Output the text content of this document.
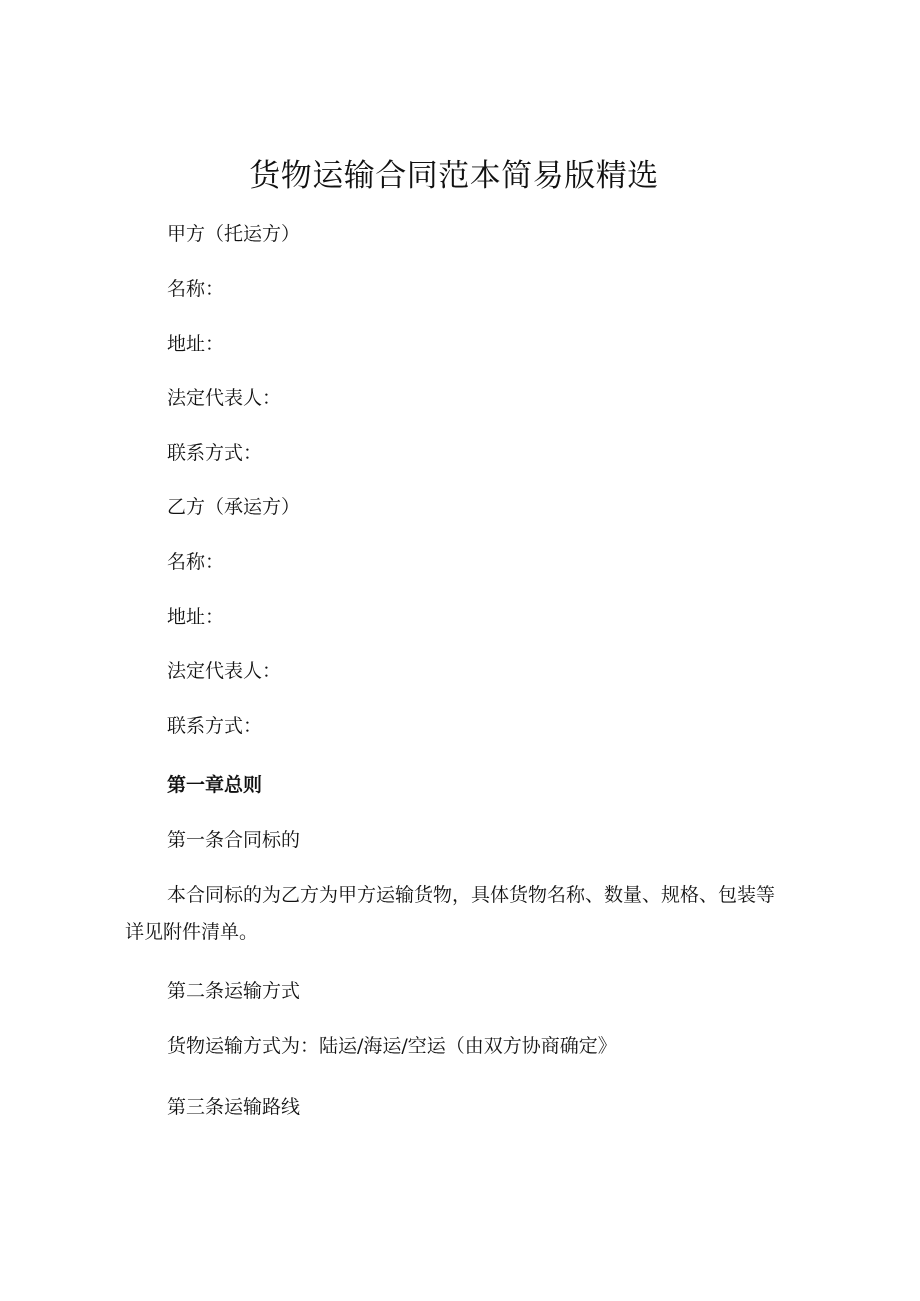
货物运输合同范本简易版精选

甲方（托运方）

名称：

地址：

法定代表人：

联系方式：

乙方（承运方）

名称：

地址：

法定代表人：

联系方式：

第一章总则

第一条合同标的

本合同标的为乙方为甲方运输货物，具体货物名称、数量、规格、包装等详见附件清单。

第二条运输方式

货物运输方式为：陆运/海运/空运（由双方协商确定》

第三条运输路线
